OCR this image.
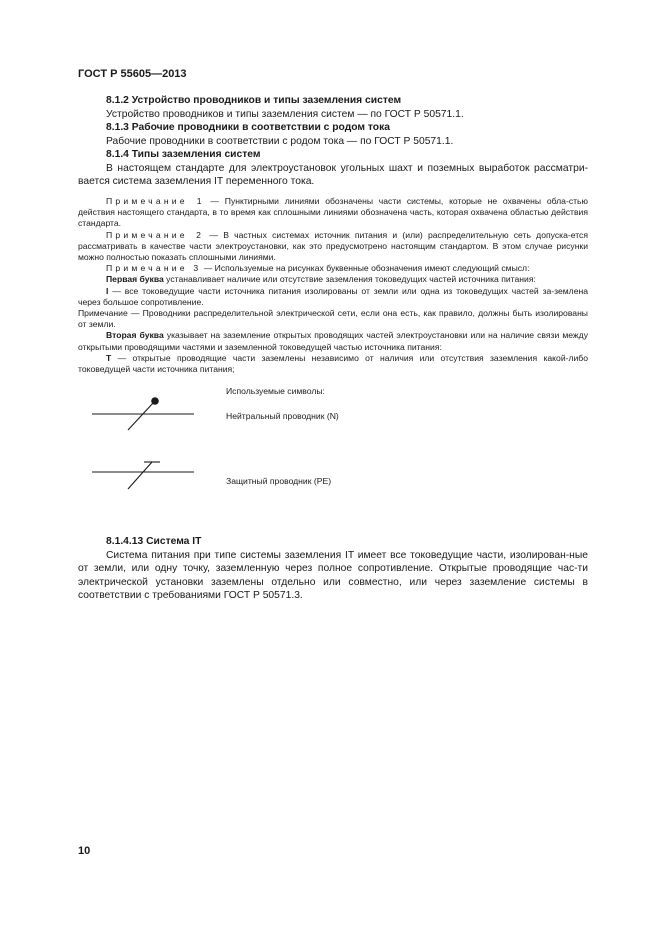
ГОСТ Р 55605—2013
8.1.2 Устройство проводников и типы заземления систем
Устройство проводников и типы заземления систем — по ГОСТ Р 50571.1.
8.1.3 Рабочие проводники в соответствии с родом тока
Рабочие проводники в соответствии с родом тока — по ГОСТ Р 50571.1.
8.1.4 Типы заземления систем
В настоящем стандарте для электроустановок угольных шахт и поземных выработок рассматри-вается система заземления IT переменного тока.
Примечание 1 — Пунктирными линиями обозначены части системы, которые не охвачены обла-стью действия настоящего стандарта, в то время как сплошными линиями обозначена часть, которая охвачена областью действия стандарта.
Примечание 2 — В частных системах источник питания и (или) распределительную сеть допуска-ется рассматривать в качестве части электроустановки, как это предусмотрено настоящим стандартом. В этом случае рисунки можно полностью показать сплошными линиями.
Примечание 3 — Используемые на рисунках буквенные обозначения имеют следующий смысл:
Первая буква устанавливает наличие или отсутствие заземления токоведущих частей источника питания:
I — все токоведущие части источника питания изолированы от земли или одна из токоведущих частей за-землена через большое сопротивление.
Примечание — Проводники распределительной электрической сети, если она есть, как правило, должны быть изолированы от земли.
Вторая буква указывает на заземление открытых проводящих частей электроустановки или на наличие связи между открытыми проводящими частями и заземленной токоведущей частью источника питания:
T — открытые проводящие части заземлены независимо от наличия или отсутствия заземления какой-либо токоведущей части источника питания;
Используемые символы:
Нейтральный проводник (N)
Защитный проводник (PE)
8.1.4.13 Система IT
Система питания при типе системы заземления IT имеет все токоведущие части, изолирован-ные от земли, или одну точку, заземленную через полное сопротивление. Открытые проводящие час-ти электрической установки заземлены отдельно или совместно, или через заземление системы в соответствии с требованиями ГОСТ Р 50571.3.
10
